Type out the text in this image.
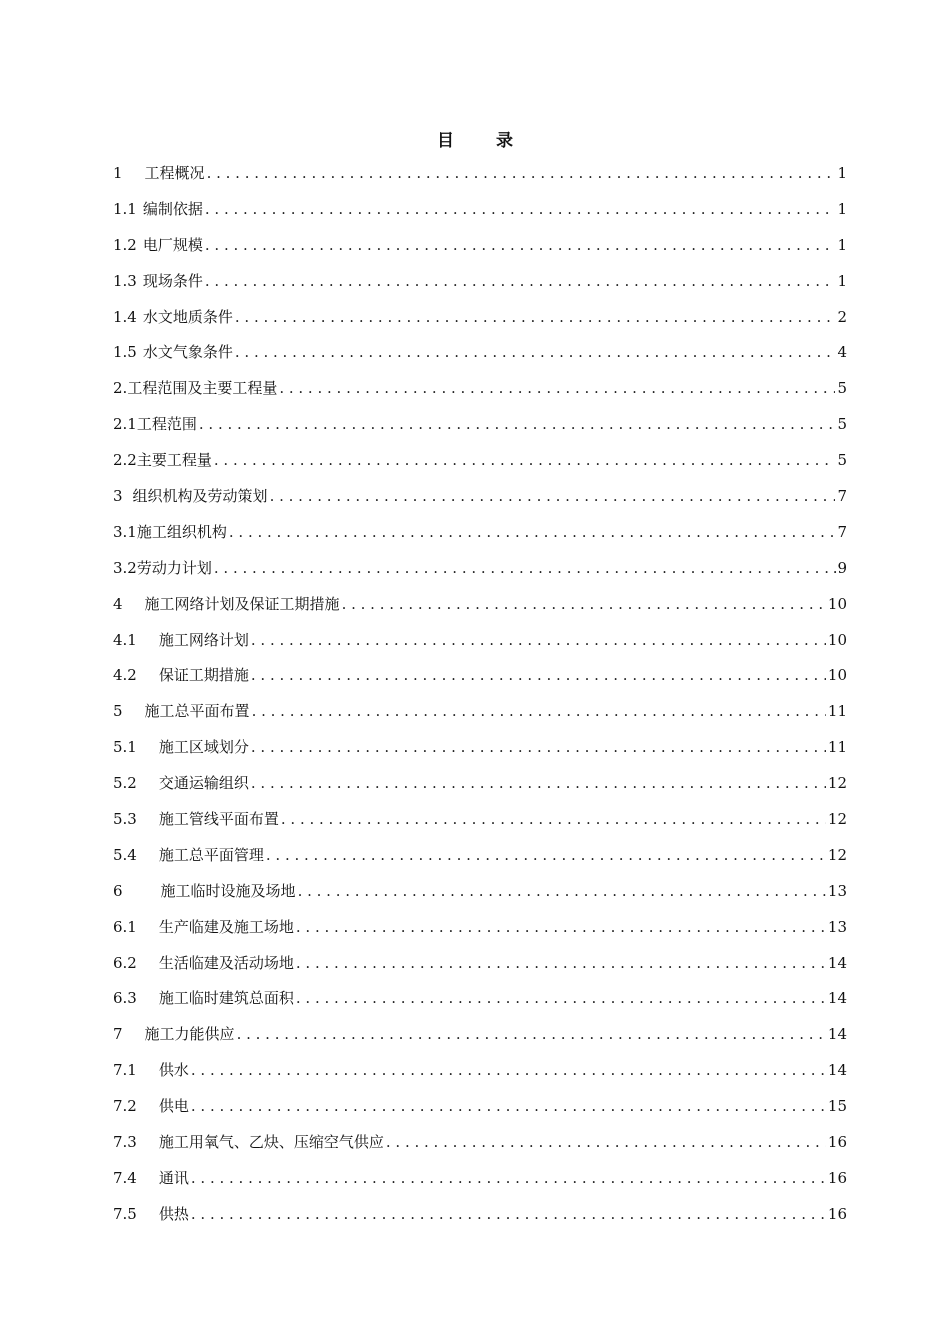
目 录
1 工程概况 . . .	1
1.1 编制依据 . . .	1
1.2 电厂规模 . . .	1
1.3 现场条件 . . .	1
1.4 水文地质条件 . . .	2
1.5 水文气象条件 . . .	4
2. 工程范围及主要工程量 . . .	5
2.1 工程范围 . . .	5
2.2 主要工程量 . . .	5
3 组织机构及劳动策划 . . .	7
3.1 施工组织机构 . . .	7
3.2 劳动力计划 . . .	.9
4 施工网络计划及保证工期措施 . . .	10
4.1 施工网络计划 . . .	10
4.2 保证工期措施 . . .	10
5 施工总平面布置 . . .	11
5.1 施工区域划分 . . .	11
5.2 交通运输组织 . . .	12
5.3 施工管线平面布置 . . .	12
5.4 施工总平面管理 . . .	12
6	施工临时设施及场地 . . .	13
6.1 生产临建及施工场地 . . .	13
6.2 生活临建及活动场地 . . .	14
6.3 施工临时建筑总面积 . . .	14
7 施工力能供应 . . .	14
7.1 供水 . . .	14
7.2 供电 . . .	15
7.3 施工用氧气、乙炔、压缩空气供应 . . .	16
7.4 通讯 . . .	16
7.5 供热 . . .	16
